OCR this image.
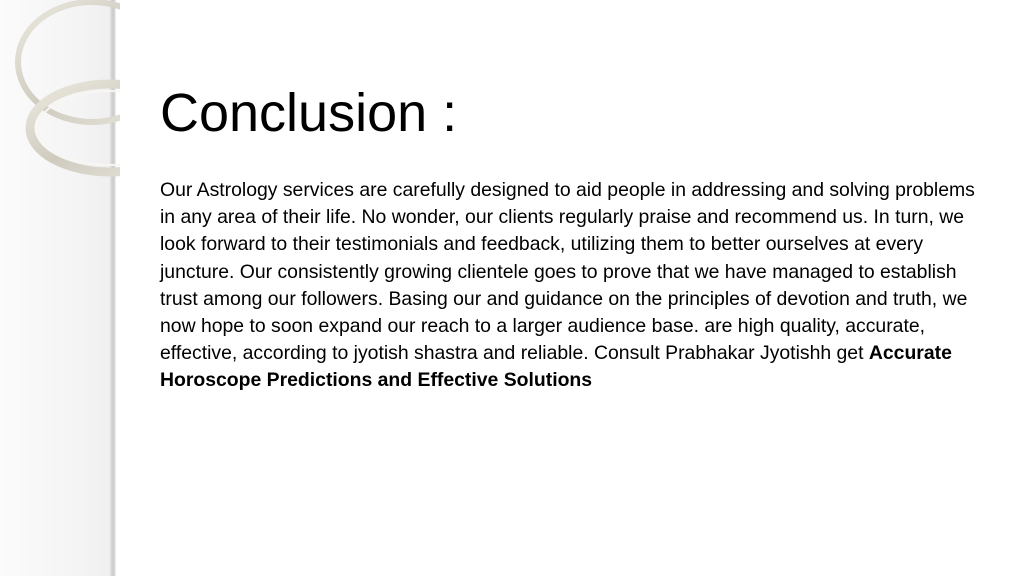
Conclusion :

Our Astrology services are carefully designed to aid people in addressing and solving problems in any area of their life. No wonder, our clients regularly praise and recommend us. In turn, we look forward to their testimonials and feedback, utilizing them to better ourselves at every juncture. Our consistently growing clientele goes to prove that we have managed to establish trust among our followers. Basing our and guidance on the principles of devotion and truth, we now hope to soon expand our reach to a larger audience base. are high quality, accurate, effective, according to jyotish shastra and reliable. Consult Prabhakar Jyotishh get Accurate Horoscope Predictions and Effective Solutions
